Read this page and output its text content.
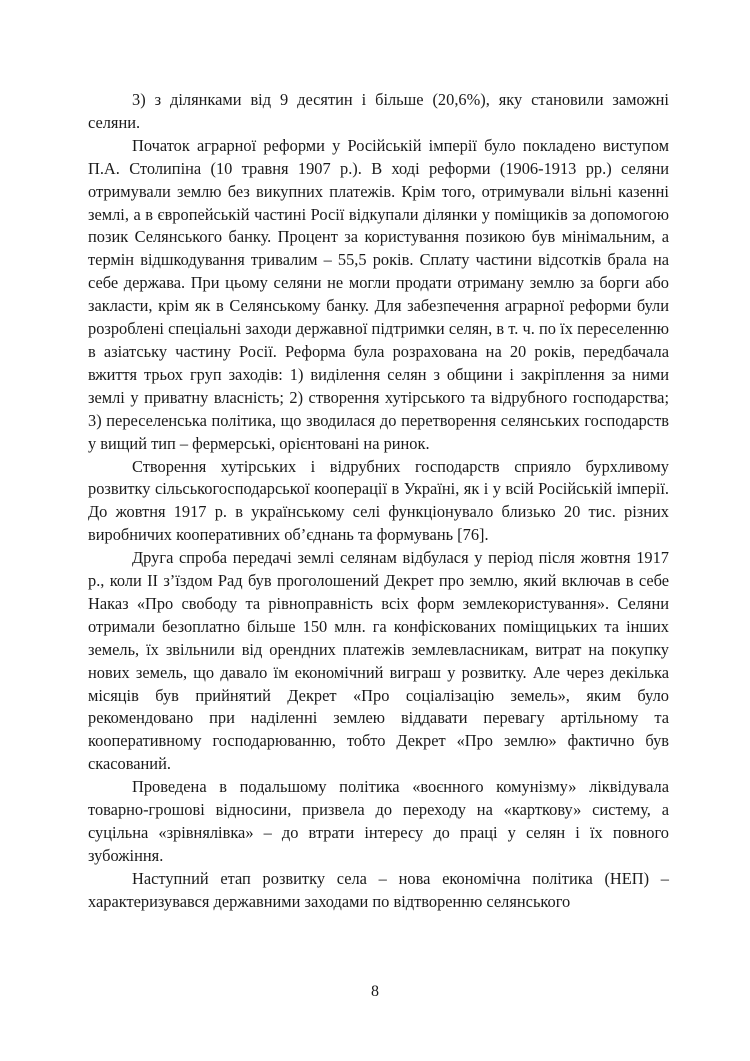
3) з ділянками від 9 десятин і більше (20,6%), яку становили заможні селяни.

Початок аграрної реформи у Російській імперії було покладено виступом П.А. Столипіна (10 травня 1907 р.). В ході реформи (1906-1913 рр.) селяни отримували землю без викупних платежів. Крім того, отримували вільні казенні землі, а в європейській частині Росії відкупали ділянки у поміщиків за допомогою позик Селянського банку. Процент за користування позикою був мінімальним, а термін відшкодування тривалим – 55,5 років. Сплату частини відсотків брала на себе держава. При цьому селяни не могли продати отриману землю за борги або закласти, крім як в Селянському банку. Для забезпечення аграрної реформи були розроблені спеціальні заходи державної підтримки селян, в т. ч. по їх переселенню в азіатську частину Росії. Реформа була розрахована на 20 років, передбачала вжиття трьох груп заходів: 1) виділення селян з общини і закріплення за ними землі у приватну власність; 2) створення хутірського та відрубного господарства; 3) переселенська політика, що зводилася до перетворення селянських господарств у вищий тип – фермерські, орієнтовані на ринок.

Створення хутірських і відрубних господарств сприяло бурхливому розвитку сільськогосподарської кооперації в Україні, як і у всій Російській імперії. До жовтня 1917 р. в українському селі функціонувало близько 20 тис. різних виробничих кооперативних об’єднань та формувань [76].

Друга спроба передачі землі селянам відбулася у період після жовтня 1917 р., коли II з’їздом Рад був проголошений Декрет про землю, який включав в себе Наказ «Про свободу та рівноправність всіх форм землекористування». Селяни отримали безоплатно більше 150 млн. га конфіскованих поміщицьких та інших земель, їх звільнили від орендних платежів землевласникам, витрат на покупку нових земель, що давало їм економічний виграш у розвитку. Але через декілька місяців був прийнятий Декрет «Про соціалізацію земель», яким було рекомендовано при наділенні землею віддавати перевагу артільному та кооперативному господарюванню, тобто Декрет «Про землю» фактично був скасований.

Проведена в подальшому політика «воєнного комунізму» ліквідувала товарно-грошові відносини, призвела до переходу на «карткову» систему, а суцільна «зрівнялівка» – до втрати інтересу до праці у селян і їх повного зубожіння.

Наступний етап розвитку села – нова економічна політика (НЕП) – характеризувався державними заходами по відтворенню селянського

8
